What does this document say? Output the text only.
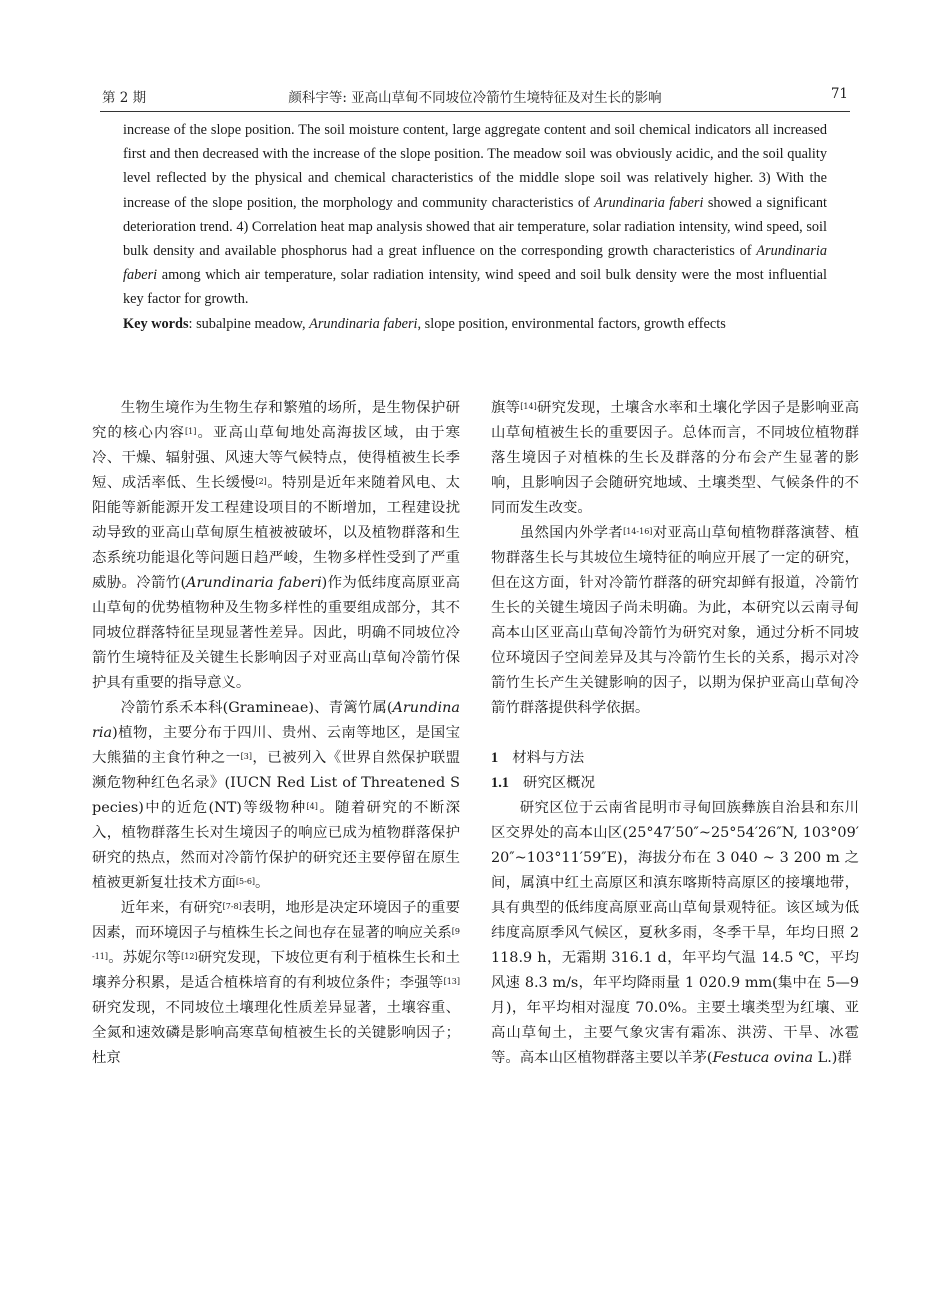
第 2 期	颜科宇等: 亚高山草甸不同坡位冷箭竹生境特征及对生长的影响	71

increase of the slope position. The soil moisture content, large aggregate content and soil chemical indicators all increased first and then decreased with the increase of the slope position. The meadow soil was obviously acidic, and the soil quality level reflected by the physical and chemical characteristics of the middle slope soil was relatively higher. 3) With the increase of the slope position, the morphology and community characteristics of Arundinaria faberi showed a significant deterioration trend. 4) Correlation heat map analysis showed that air temperature, solar radiation intensity, wind speed, soil bulk density and available phosphorus had a great influence on the corresponding growth characteristics of Arundinaria faberi among which air temperature, solar radiation intensity, wind speed and soil bulk density were the most influential key factor for growth.

Key words: subalpine meadow, Arundinaria faberi, slope position, environmental factors, growth effects

生物生境作为生物生存和繁殖的场所，是生物保护研究的核心内容[1]。亚高山草甸地处高海拔区域，由于寒冷、干燥、辐射强、风速大等气候特点，使得植被生长季短、成活率低、生长缓慢[2]。特别是近年来随着风电、太阳能等新能源开发工程建设项目的不断增加，工程建设扰动导致的亚高山草甸原生植被被破坏，以及植物群落和生态系统功能退化等问题日趋严峻，生物多样性受到了严重威胁。冷箭竹(Arundinaria faberi)作为低纬度高原亚高山草甸的优势植物种及生物多样性的重要组成部分，其不同坡位群落特征呈现显著性差异。因此，明确不同坡位冷箭竹生境特征及关键生长影响因子对亚高山草甸冷箭竹保护具有重要的指导意义。

冷箭竹系禾本科(Gramineae)、青篱竹属(Arundinaria)植物，主要分布于四川、贵州、云南等地区，是国宝大熊猫的主食竹种之一[3]，已被列入《世界自然保护联盟濒危物种红色名录》(IUCN Red List of Threatened Species)中的近危(NT)等级物种[4]。随着研究的不断深入，植物群落生长对生境因子的响应已成为植物群落保护研究的热点，然而对冷箭竹保护的研究还主要停留在原生植被更新复壮技术方面[5-6]。

近年来，有研究[7-8]表明，地形是决定环境因子的重要因素，而环境因子与植株生长之间也存在显著的响应关系[9-11]。苏妮尔等[12]研究发现，下坡位更有利于植株生长和土壤养分积累，是适合植株培育的有利坡位条件；李强等[13]研究发现，不同坡位土壤理化性质差异显著，土壤容重、全氮和速效磷是影响高寒草甸植被生长的关键影响因子；杜京

旗等[14]研究发现，土壤含水率和土壤化学因子是影响亚高山草甸植被生长的重要因子。总体而言，不同坡位植物群落生境因子对植株的生长及群落的分布会产生显著的影响，且影响因子会随研究地域、土壤类型、气候条件的不同而发生改变。

虽然国内外学者[14-16]对亚高山草甸植物群落演替、植物群落生长与其坡位生境特征的响应开展了一定的研究，但在这方面，针对冷箭竹群落的研究却鲜有报道，冷箭竹生长的关键生境因子尚未明确。为此，本研究以云南寻甸高本山区亚高山草甸冷箭竹为研究对象，通过分析不同坡位环境因子空间差异及其与冷箭竹生长的关系，揭示对冷箭竹生长产生关键影响的因子，以期为保护亚高山草甸冷箭竹群落提供科学依据。

1 材料与方法
1.1 研究区概况

研究区位于云南省昆明市寻甸回族彝族自治县和东川区交界处的高本山区(25°47′50″~25°54′26″N, 103°09′20″~103°11′59″E)，海拔分布在 3 040 ~ 3 200 m 之间，属滇中红土高原区和滇东喀斯特高原区的接壤地带，具有典型的低纬度高原亚高山草甸景观特征。该区域为低纬度高原季风气候区，夏秋多雨，冬季干旱，年均日照 2 118.9 h，无霜期 316.1 d，年平均气温 14.5 ℃，平均风速 8.3 m/s，年平均降雨量 1 020.9 mm(集中在 5—9 月)，年平均相对湿度 70.0%。主要土壤类型为红壤、亚高山草甸土，主要气象灾害有霜冻、洪涝、干旱、冰雹等。高本山区植物群落主要以羊茅(Festuca ovina L.)群
